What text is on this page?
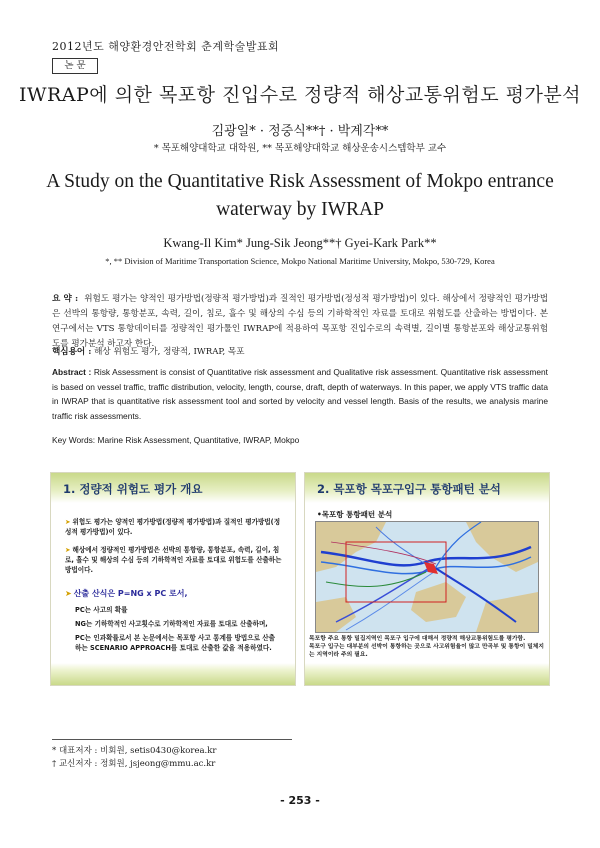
2012년도 해양환경안전학회 춘계학술발표회
논 문
IWRAP에 의한 목포항 진입수로 정량적 해상교통위험도 평가분석
김광일* · 정중식**† · 박계각**
* 목포해양대학교 대학원, ** 목포해양대학교 해상운송시스템학부 교수
A Study on the Quantitative Risk Assessment of Mokpo entrance waterway by IWRAP
Kwang-Il Kim* Jung-Sik Jeong**† Gyei-Kark Park**
*, ** Division of Maritime Transportation Science, Mokpo National Maritime University, Mokpo, 530-729, Korea
요 약 : 위험도 평가는 양적인 평가방법(정량적 평가방법)과 질적인 평가방법(정성적 평가방법)이 있다. 해상에서 정량적인 평가방법은 선박의 통항량, 통항분포, 속력, 길이, 침로, 흘수 및 해상의 수심 등의 기하학적인 자료를 토대로 위험도를 산출하는 방법이다. 본 연구에서는 VTS 통항데이터를 정량적인 평가툴인 IWRAP에 적용하여 목포항 진입수로의 속력별, 길이별 통항분포와 해상교통위험도를 평가분석 하고자 한다.
핵심용어 : 해상 위험도 평가, 정량적, IWRAP, 목포
Abstract : Risk Assessment is consist of Quantitative risk assessment and Qualitative risk assessment. Quantitative risk assessment is based on vessel traffic, traffic distribution, velocity, length, course, draft, depth of waterways. In this paper, we apply VTS traffic data in IWRAP that is quantitative risk assessment tool and sorted by velocity and vessel length. Basis of the results, we analysis marine traffic risk assessments.
Key Words: Marine Risk Assessment, Quantitative, IWRAP, Mokpo
1. 정량적 위험도 평가 개요
➤ 위험도 평가는 양적인 평가방법(정량적 평가방법)과 질적인 평가방법(정성적 평가방법)이 있다.
➤ 해상에서 정량적인 평가방법은 선박의 통항량, 통항분포, 속력, 길이, 침로, 흘수 및 해상의 수심 등의 기하학적인 자료를 토대로 위험도를 산출하는 방법이다.
➤ 산출 산식은 P=NG x PC 로서,
PC는 사고의 확률
NG는 기하학적인 사고횟수로 기하학적인 자료를 토대로 산출하며,
PC는 인과확률로서 본 논문에서는 목포항 사고 통계를 방법으로 산출하는 SCENARIO APPROACH를 토대로 산출한 값을 적용하였다.
2. 목포항 목포구입구 통항패턴 분석
•목포항 통항패턴 분석
목포항 주요 통항 밀집지역인 목포구 입구에 대해서 정량적 해상교통위험도를 평가함.
목포구 입구는 대부분의 선박이 통항하는 곳으로 사고위험율이 많고 만곡부 및 통항이 밀체지는 지역이라 주의 필요.
* 대표저자 : 비회원, setis0430@korea.kr
† 교신저자 : 정회원, jsjeong@mmu.ac.kr
- 253 -
